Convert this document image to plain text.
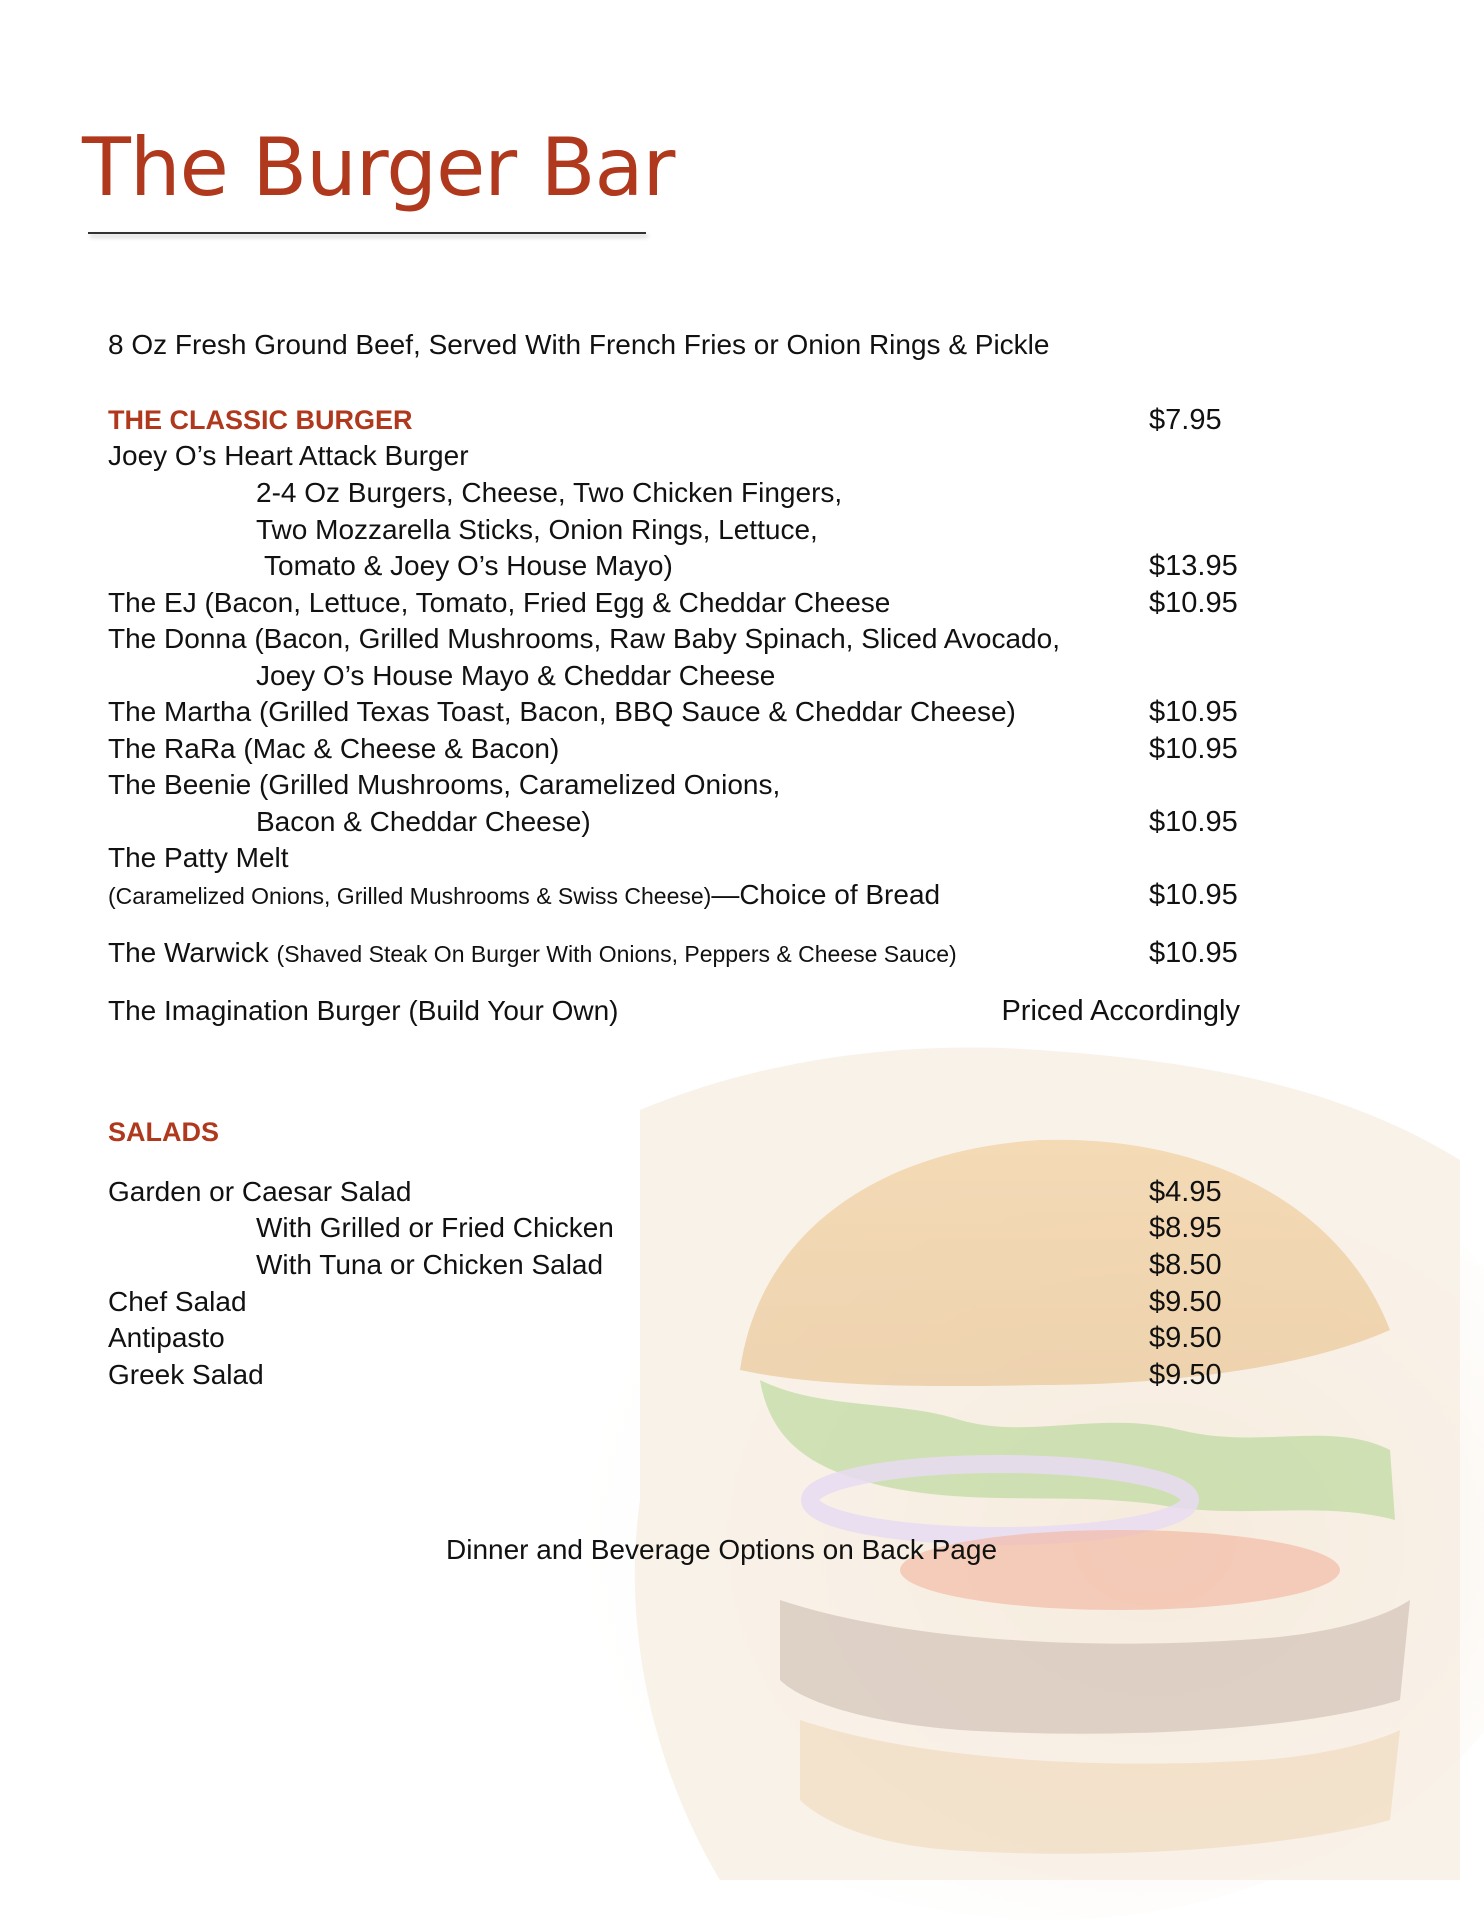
The Burger Bar
8 Oz Fresh Ground Beef, Served With French Fries or Onion Rings & Pickle
THE CLASSIC BURGER	$7.95
Joey O’s Heart Attack Burger
2-4 Oz Burgers, Cheese, Two Chicken Fingers,
Two Mozzarella Sticks, Onion Rings, Lettuce,
Tomato & Joey O’s House Mayo)	$13.95
The EJ (Bacon, Lettuce, Tomato, Fried Egg & Cheddar Cheese	$10.95
The Donna (Bacon, Grilled Mushrooms, Raw Baby Spinach, Sliced Avocado,
Joey O’s House Mayo & Cheddar Cheese
The Martha (Grilled Texas Toast, Bacon, BBQ Sauce & Cheddar Cheese)	$10.95
The RaRa (Mac & Cheese & Bacon)	$10.95
The Beenie (Grilled Mushrooms, Caramelized Onions,
Bacon & Cheddar Cheese)	$10.95
The Patty Melt
(Caramelized Onions, Grilled Mushrooms & Swiss Cheese)—Choice of Bread	$10.95
The Warwick (Shaved Steak On Burger With Onions, Peppers & Cheese Sauce)	$10.95
The Imagination Burger (Build Your Own)	Priced Accordingly
SALADS
Garden or Caesar Salad	$4.95
With Grilled or Fried Chicken	$8.95
With Tuna or Chicken Salad	$8.50
Chef Salad	$9.50
Antipasto	$9.50
Greek Salad	$9.50
Dinner and Beverage Options on Back Page
